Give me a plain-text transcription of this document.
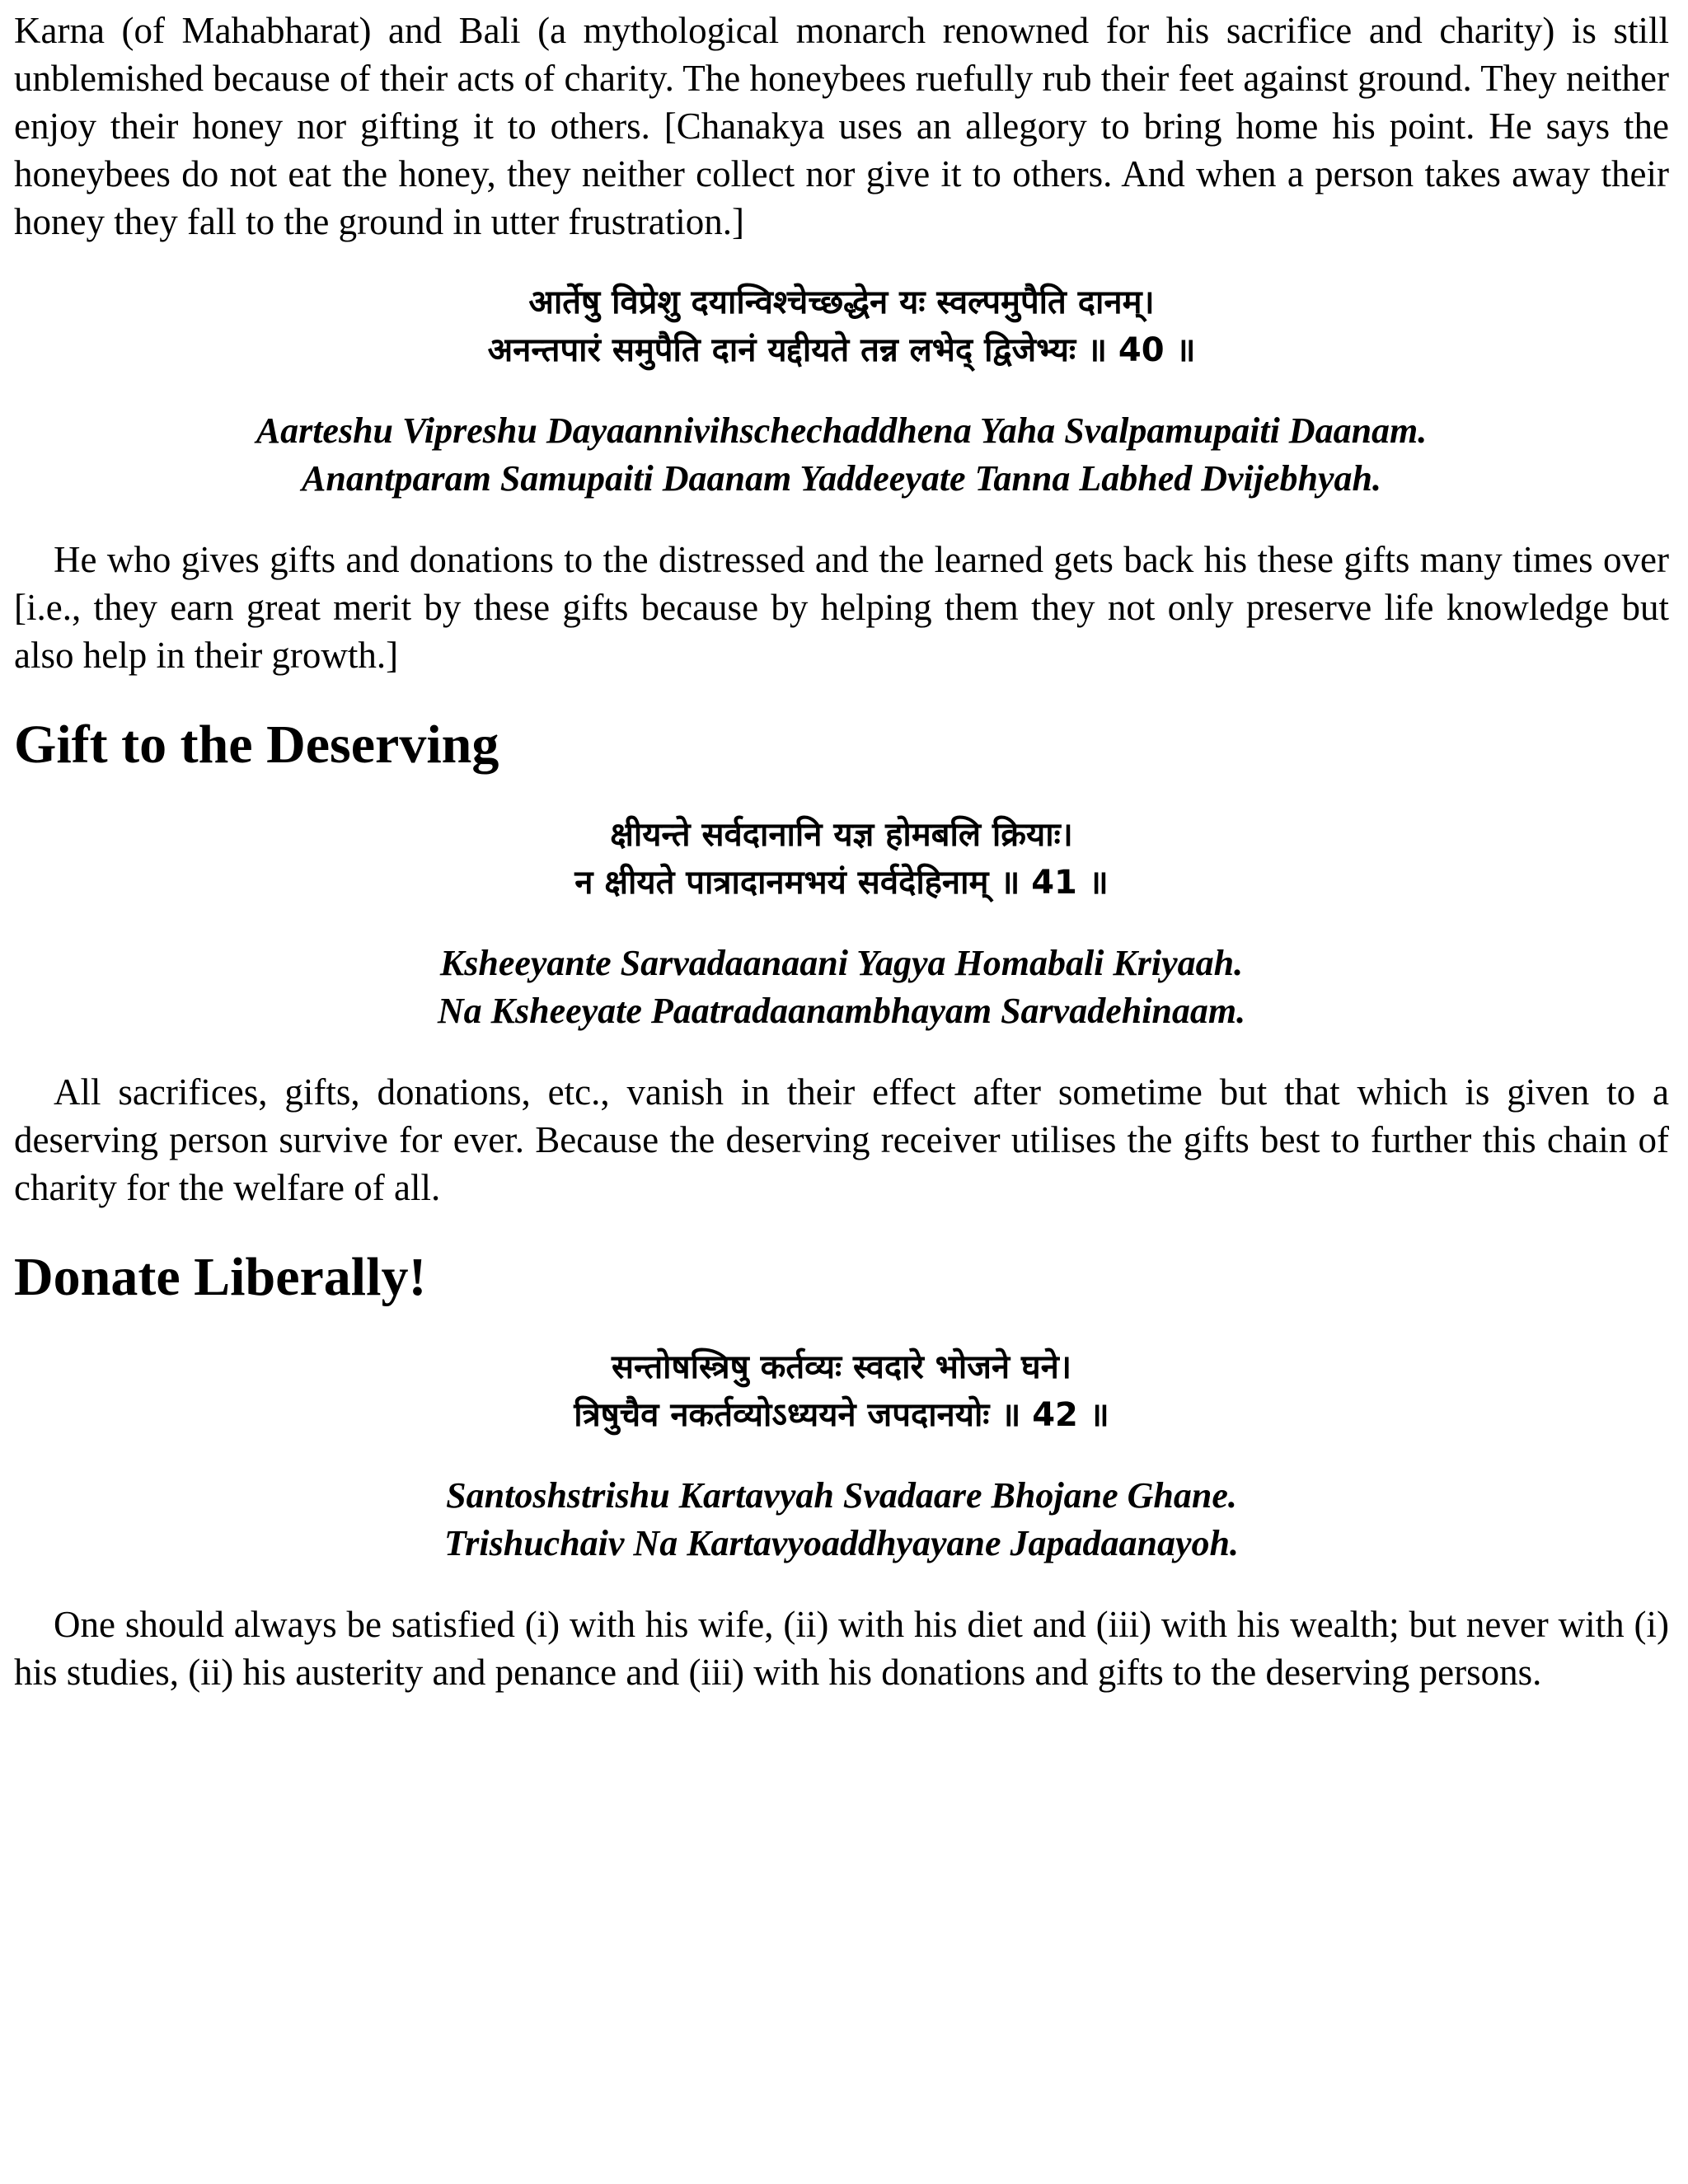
Karna (of Mahabharat) and Bali (a mythological monarch renowned for his sacrifice and charity) is still unblemished because of their acts of charity. The honeybees ruefully rub their feet against ground. They neither enjoy their honey nor gifting it to others. [Chanakya uses an allegory to bring home his point. He says the honeybees do not eat the honey, they neither collect nor give it to others. And when a person takes away their honey they fall to the ground in utter frustration.]

आर्तेषु विप्रेशु दयान्विश्चेच्छद्धेन यः स्वल्पमुपैति दानम्।
अनन्तपारं समुपैति दानं यद्दीयते तन्न लभेद् द्विजेभ्यः ॥ 40 ॥
Aarteshu Vipreshu Dayaannivihschechaddhena Yaha Svalpamupaiti Daanam.
Anantparam Samupaiti Daanam Yaddeeyate Tanna Labhed Dvijebhyah.

He who gives gifts and donations to the distressed and the learned gets back his these gifts many times over [i.e., they earn great merit by these gifts because by helping them they not only preserve life knowledge but also help in their growth.]

Gift to the Deserving
क्षीयन्ते सर्वदानानि यज्ञ होमबलि क्रियाः।
न क्षीयते पात्रादानमभयं सर्वदेहिनाम् ॥ 41 ॥
Ksheeyante Sarvadaanaani Yagya Homabali Kriyaah.
Na Ksheeyate Paatradaanambhayam Sarvadehinaam.

All sacrifices, gifts, donations, etc., vanish in their effect after sometime but that which is given to a deserving person survive for ever. Because the deserving receiver utilises the gifts best to further this chain of charity for the welfare of all.

Donate Liberally!
सन्तोषस्त्रिषु कर्तव्यः स्वदारे भोजने घने।
त्रिषुचैव नकर्तव्योऽध्ययने जपदानयोः ॥ 42 ॥
Santoshstrishu Kartavyah Svadaare Bhojane Ghane.
Trishuchaiv Na Kartavyoaddhyayane Japadaanayoh.

One should always be satisfied (i) with his wife, (ii) with his diet and (iii) with his wealth; but never with (i) his studies, (ii) his austerity and penance and (iii) with his donations and gifts to the deserving persons.
